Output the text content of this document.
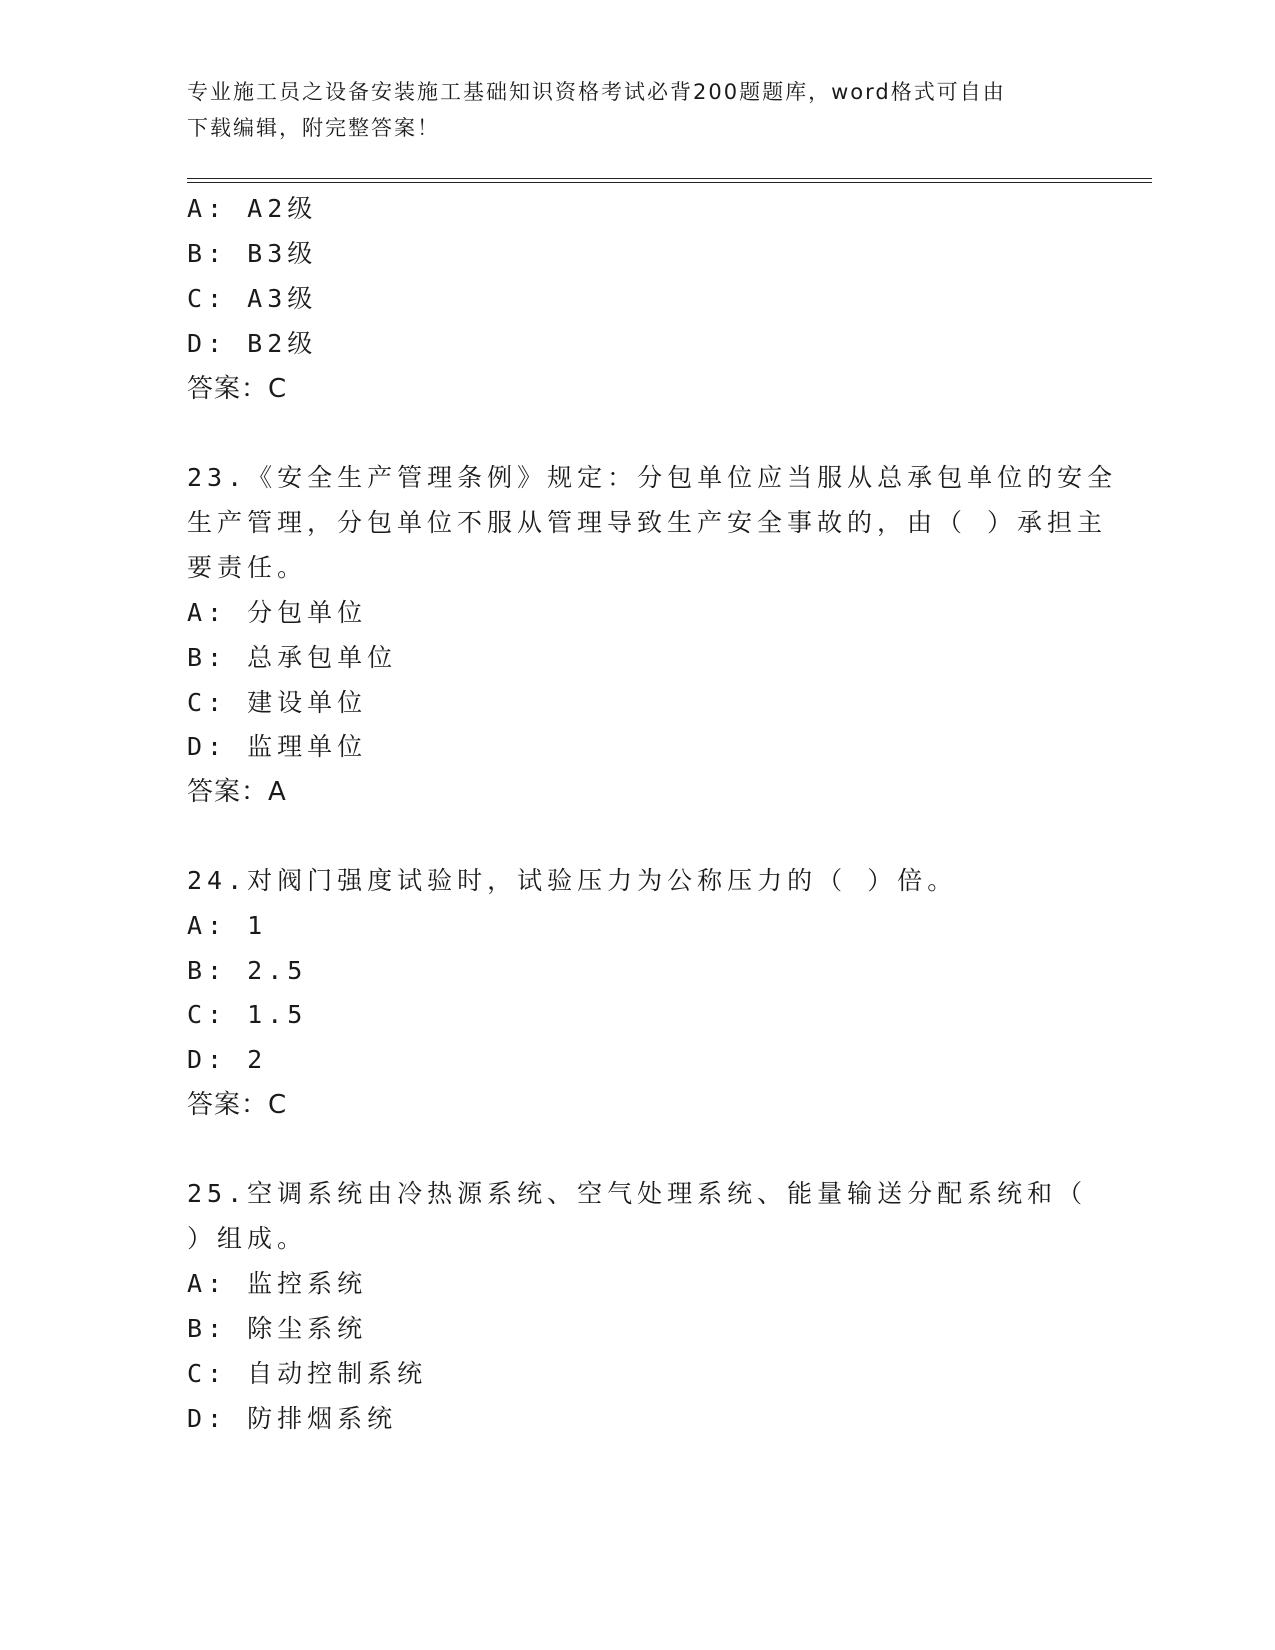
专业施工员之设备安装施工基础知识资格考试必背200题题库，word格式可自由
下载编辑，附完整答案！
A: A2级
B: B3级
C: A3级
D: B2级
答案：C
23.《安全生产管理条例》规定：分包单位应当服从总承包单位的安全
生产管理，分包单位不服从管理导致生产安全事故的，由（ ）承担主
要责任。
A: 分包单位
B: 总承包单位
C: 建设单位
D: 监理单位
答案：A
24.对阀门强度试验时，试验压力为公称压力的（ ）倍。
A: 1
B: 2.5
C: 1.5
D: 2
答案：C
25.空调系统由冷热源系统、空气处理系统、能量输送分配系统和（
）组成。
A: 监控系统
B: 除尘系统
C: 自动控制系统
D: 防排烟系统
